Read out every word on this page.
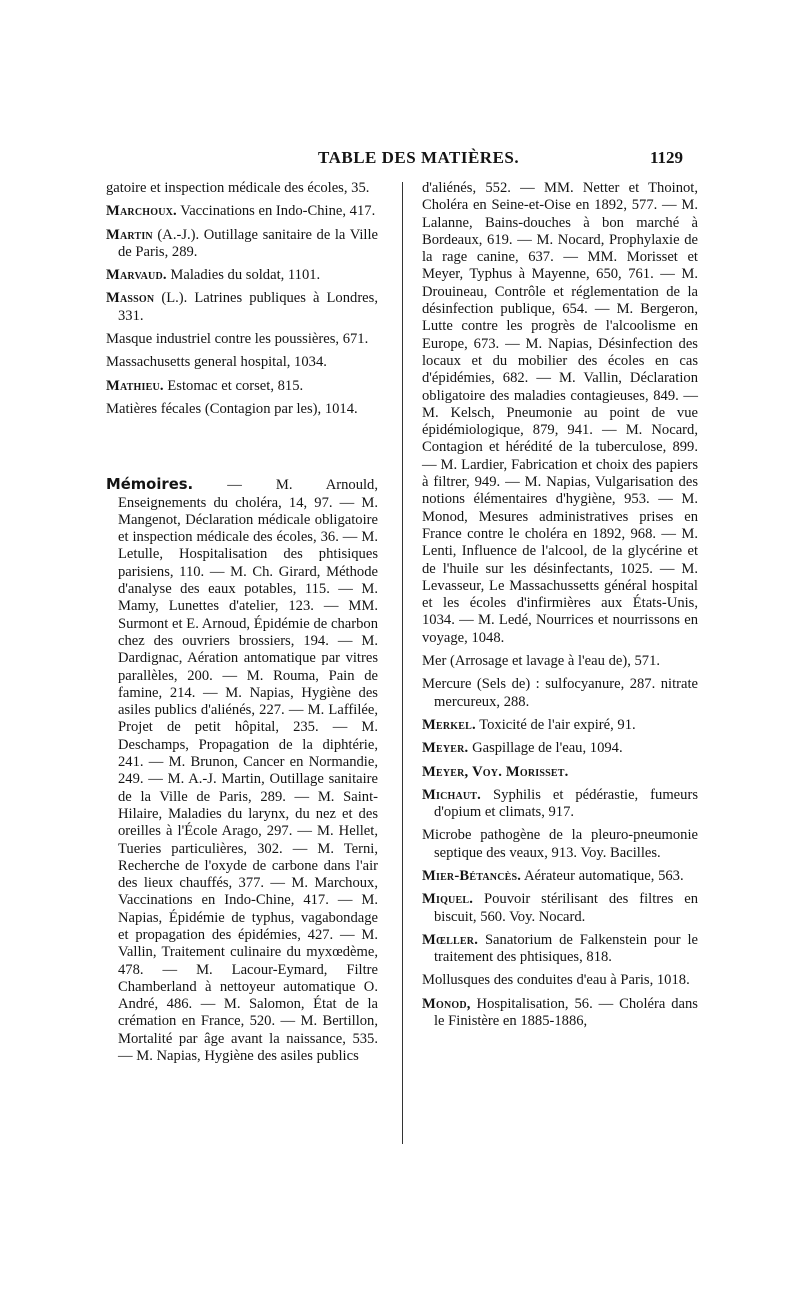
TABLE DES MATIÈRES.	1129

gatoire et inspection médicale des écoles, 35.

Marchoux. Vaccinations en Indo-Chine, 417.

Martin (A.-J.). Outillage sanitaire de la Ville de Paris, 289.

Marvaud. Maladies du soldat, 1101.

Masson (L.). Latrines publiques à Londres, 331.

Masque industriel contre les poussières, 671.

Massachusetts general hospital, 1034.

Mathieu. Estomac et corset, 815.

Matières fécales (Contagion par les), 1014.

Mémoires. — M. Arnould, Enseignements du choléra, 14, 97. — M. Mangenot, Déclaration médicale obligatoire et inspection médicale des écoles, 36. — M. Letulle, Hospitalisation des phtisiques parisiens, 110. — M. Ch. Girard, Méthode d'analyse des eaux potables, 115. — M. Mamy, Lunettes d'atelier, 123. — MM. Surmont et E. Arnoud, Épidémie de charbon chez des ouvriers brossiers, 194. — M. Dardignac, Aération antomatique par vitres parallèles, 200. — M. Rouma, Pain de famine, 214. — M. Napias, Hygiène des asiles publics d'aliénés, 227. — M. Laffilée, Projet de petit hôpital, 235. — M. Deschamps, Propagation de la diphtérie, 241. — M. Brunon, Cancer en Normandie, 249. — M. A.-J. Martin, Outillage sanitaire de la Ville de Paris, 289. — M. Saint-Hilaire, Maladies du larynx, du nez et des oreilles à l'École Arago, 297. — M. Hellet, Tueries particulières, 302. — M. Terni, Recherche de l'oxyde de carbone dans l'air des lieux chauffés, 377. — M. Marchoux, Vaccinations en Indo-Chine, 417. — M. Napias, Épidémie de typhus, vagabondage et propagation des épidémies, 427. — M. Vallin, Traitement culinaire du myxœdème, 478. — M. Lacour-Eymard, Filtre Chamberland à nettoyeur automatique O. André, 486. — M. Salomon, État de la crémation en France, 520. — M. Bertillon, Mortalité par âge avant la naissance, 535. — M. Napias, Hygiène des asiles publics

d'aliénés, 552. — MM. Netter et Thoinot, Choléra en Seine-et-Oise en 1892, 577. — M. Lalanne, Bains-douches à bon marché à Bordeaux, 619. — M. Nocard, Prophylaxie de la rage canine, 637. — MM. Morisset et Meyer, Typhus à Mayenne, 650, 761. — M. Drouineau, Contrôle et réglementation de la désinfection publique, 654. — M. Bergeron, Lutte contre les progrès de l'alcoolisme en Europe, 673. — M. Napias, Désinfection des locaux et du mobilier des écoles en cas d'épidémies, 682. — M. Vallin, Déclaration obligatoire des maladies contagieuses, 849. — M. Kelsch, Pneumonie au point de vue épidémiologique, 879, 941. — M. Nocard, Contagion et hérédité de la tuberculose, 899. — M. Lardier, Fabrication et choix des papiers à filtrer, 949. — M. Napias, Vulgarisation des notions élémentaires d'hygiène, 953. — M. Monod, Mesures administratives prises en France contre le choléra en 1892, 968. — M. Lenti, Influence de l'alcool, de la glycérine et de l'huile sur les désinfectants, 1025. — M. Levasseur, Le Massachussetts général hospital et les écoles d'infirmières aux États-Unis, 1034. — M. Ledé, Nourrices et nourrissons en voyage, 1048.

Mer (Arrosage et lavage à l'eau de), 571.

Mercure (Sels de) : sulfocyanure, 287. nitrate mercureux, 288.

Merkel. Toxicité de l'air expiré, 91.

Meyer. Gaspillage de l'eau, 1094.

Meyer, Voy. Morisset.

Michaut. Syphilis et pédérastie, fumeurs d'opium et climats, 917.

Microbe pathogène de la pleuro-pneumonie septique des veaux, 913. Voy. Bacilles.

Mier-Bétancès. Aérateur automatique, 563.

Miquel. Pouvoir stérilisant des filtres en biscuit, 560. Voy. Nocard.

Mœller. Sanatorium de Falkenstein pour le traitement des phtisiques, 818.

Mollusques des conduites d'eau à Paris, 1018.

Monod, Hospitalisation, 56. — Choléra dans le Finistère en 1885-1886,
